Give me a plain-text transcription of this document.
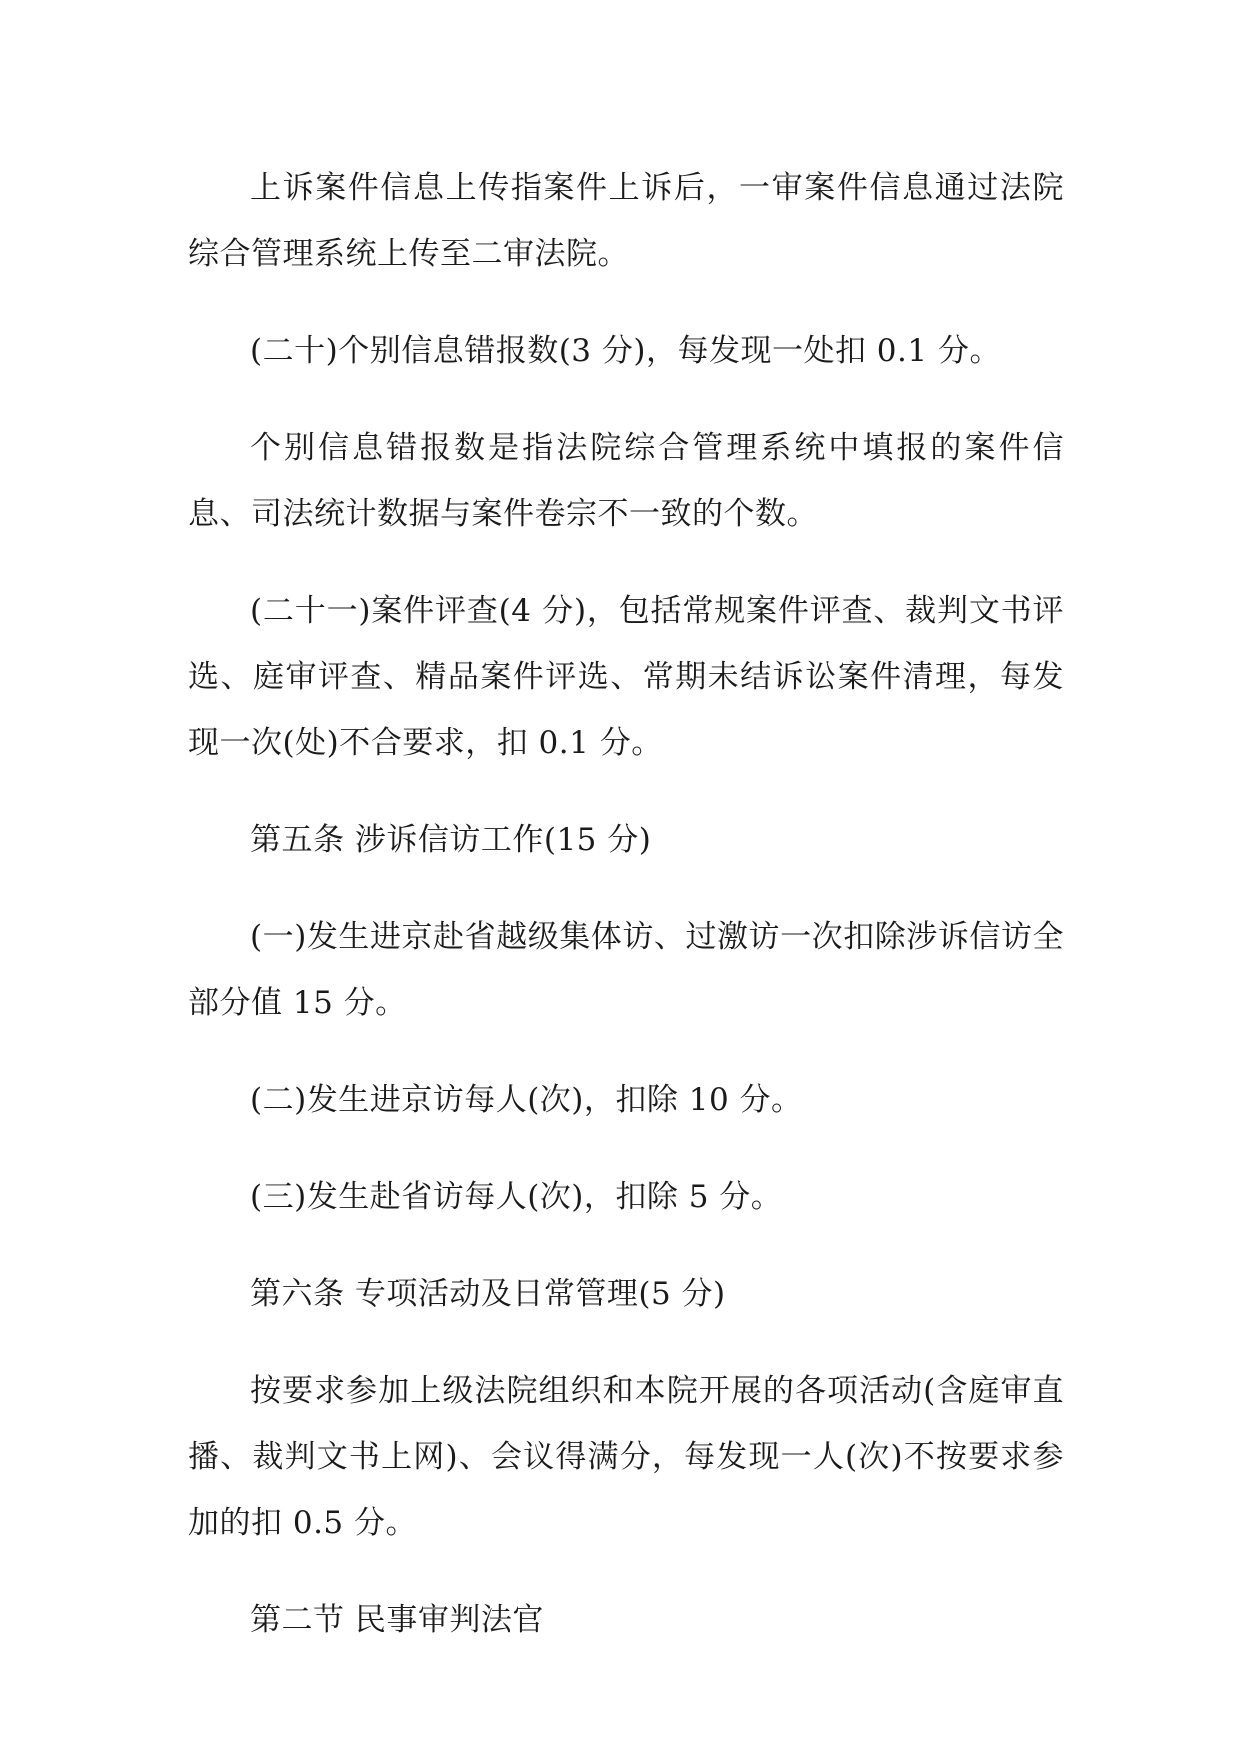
上诉案件信息上传指案件上诉后，一审案件信息通过法院综合管理系统上传至二审法院。

(二十)个别信息错报数(3 分)，每发现一处扣 0.1 分。

个别信息错报数是指法院综合管理系统中填报的案件信息、司法统计数据与案件卷宗不一致的个数。

(二十一)案件评查(4 分)，包括常规案件评查、裁判文书评选、庭审评查、精品案件评选、常期未结诉讼案件清理，每发现一次(处)不合要求，扣 0.1 分。

第五条 涉诉信访工作(15 分)

(一)发生进京赴省越级集体访、过激访一次扣除涉诉信访全部分值 15 分。

(二)发生进京访每人(次)，扣除 10 分。

(三)发生赴省访每人(次)，扣除 5 分。

第六条 专项活动及日常管理(5 分)

按要求参加上级法院组织和本院开展的各项活动(含庭审直播、裁判文书上网)、会议得满分，每发现一人(次)不按要求参加的扣 0.5 分。

第二节 民事审判法官
